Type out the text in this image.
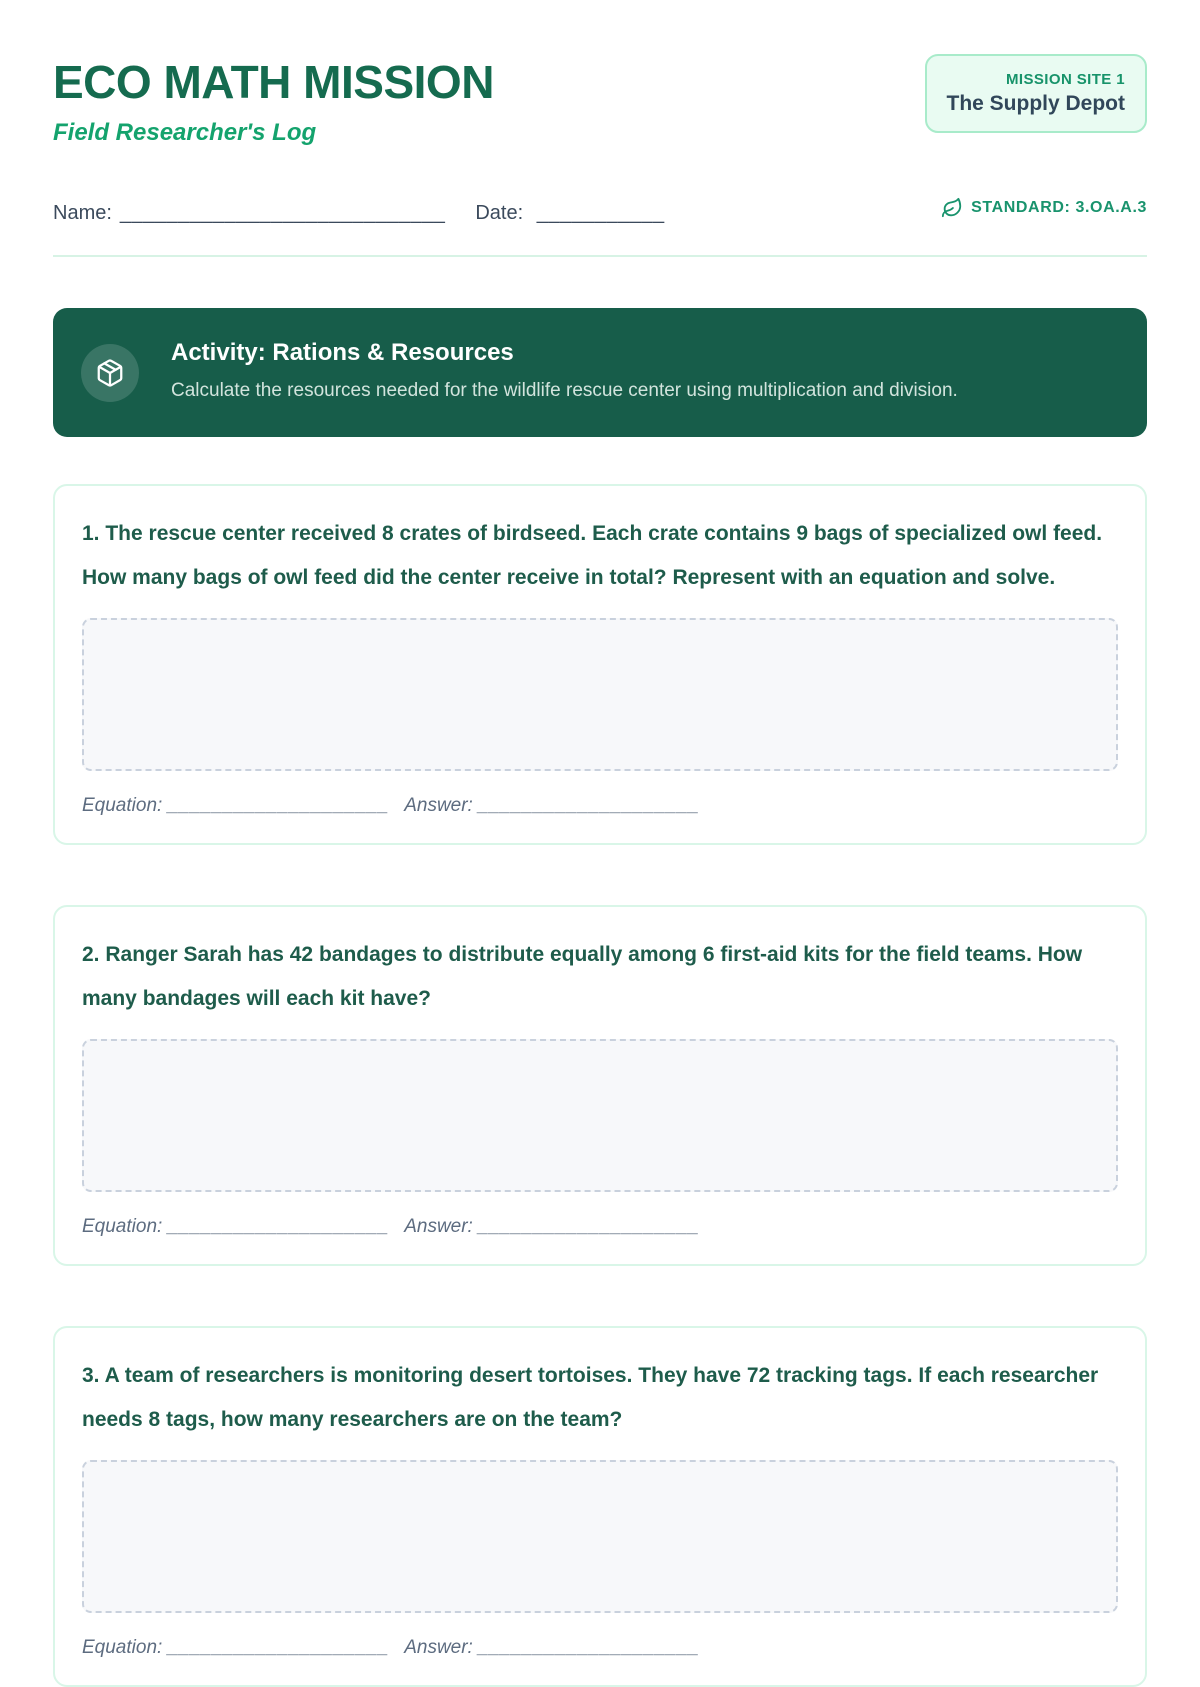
ECO MATH MISSION
Field Researcher's Log
MISSION SITE 1
The Supply Depot
Name: ____________________________ Date: ___________	STANDARD: 3.OA.A.3
Activity: Rations & Resources
Calculate the resources needed for the wildlife rescue center using multiplication and division.
1. The rescue center received 8 crates of birdseed. Each crate contains 9 bags of specialized owl feed. How many bags of owl feed did the center receive in total? Represent with an equation and solve.
Equation: ____________________ Answer: ____________________
2. Ranger Sarah has 42 bandages to distribute equally among 6 first-aid kits for the field teams. How many bandages will each kit have?
Equation: ____________________ Answer: ____________________
3. A team of researchers is monitoring desert tortoises. They have 72 tracking tags. If each researcher needs 8 tags, how many researchers are on the team?
Equation: ____________________ Answer: ____________________
